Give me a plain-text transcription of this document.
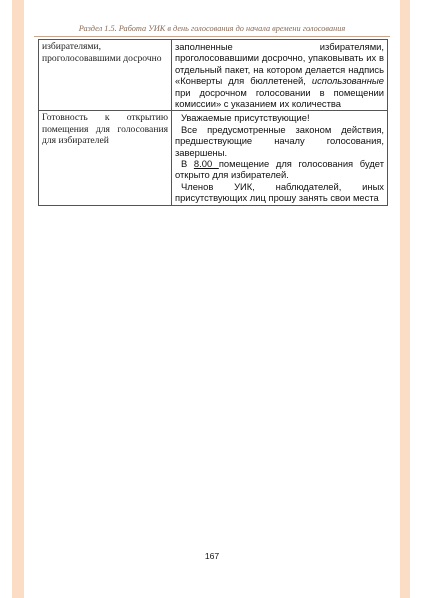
Раздел 1.5. Работа УИК в день голосования до начала времени голосования
избирателями, проголосовавшими досрочно	заполненные избирателями, проголосовавшими досрочно, упаковывать их в отдельный пакет, на котором делается надпись «Конверты для бюллетеней, использованные при досрочном голосовании в помещении комиссии» с указанием их количества

Готовность к открытию помещения для голосования для избирателей	Уважаемые присутствующие!

Все предусмотренные законом действия, предшествующие началу голосования, завершены.

В 8.00 помещение для голосования будет открыто для избирателей.

Членов УИК, наблюдателей, иных присутствующих лиц прошу занять свои места

167
